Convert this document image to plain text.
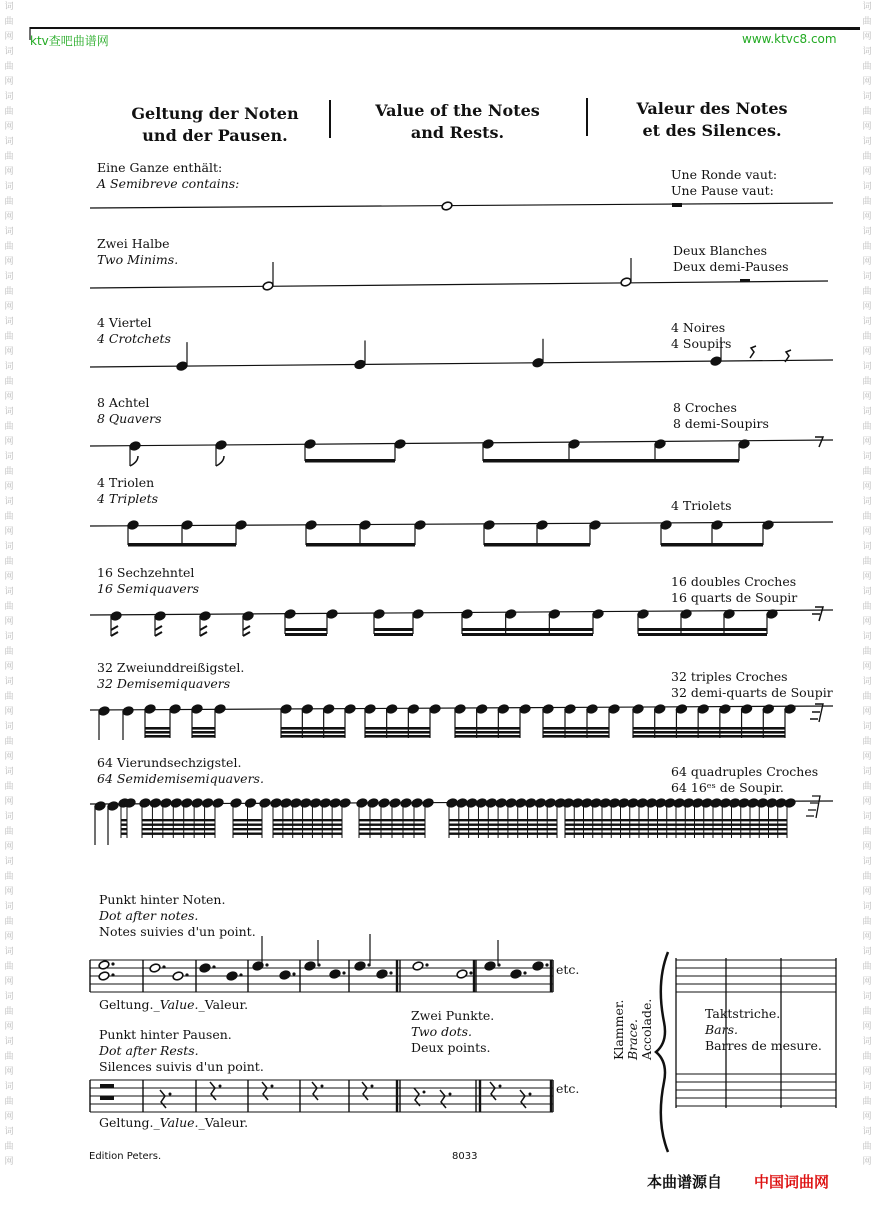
ktv查吧曲谱网	www.ktvc8.com
词
曲
网
词
曲
网
词
曲
网
词
曲
网
词
曲
网
词
曲
网
词
曲
网
词
曲
网
词
曲
网
词
曲
网
词
曲
网
词
曲
网
词
曲
网
词
曲
网
词
曲
网
词
曲
网
词
曲
网
词
曲
网
词
曲
网
词
曲
网
词
曲
网
词
曲
网
词
曲
网
词
曲
网
词
曲
网
词
曲
网
词
曲
网
词
曲
网
词
曲
网
词
曲
网
词
曲
网
词
曲
网
词
曲
网
词
曲
网
词
曲
网
词
曲
网
词
曲
网
词
曲
网
词
曲
网
词
曲
网
词
曲
网
词
曲
网
词
曲
网
词
曲
网
词
曲
网
词
曲
网
词
曲
网
词
曲
网
词
曲
网
词
曲
网
词
曲
网
词
曲
网
Geltung der Noten
und der Pausen.
Value of the Notes
and Rests.
Valeur des Notes
et des Silences.
Eine Ganze enthält:
A Semibreve contains:
Une Ronde vaut:
Une Pause vaut:
Zwei Halbe
Two Minims.
Deux Blanches
Deux demi-Pauses
4 Viertel
4 Crotchets
4 Noires
4 Soupirs
8 Achtel
8 Quavers
8 Croches
8 demi-Soupirs
4 Triolen
4 Triplets	4 Triolets
16 Sechzehntel
16 Semiquavers	16 doubles Croches
16 quarts de Soupir
32 Zweiunddreißigstel.
32 Demisemiquavers	32 triples Croches
32 demi-quarts de Soupir
64 Vierundsechzigstel.
64 Semidemisemiquavers.	64 quadruples Croches
64 16ᵉˢ de Soupir.
Punkt hinter Noten.
Dot after notes.
Notes suivies d'un point.
Geltung._Value._Valeur.
Punkt hinter Pausen.
Dot after Rests.
Silences suivis d'un point.
Geltung._Value._Valeur.
Zwei Punkte.
Two dots.
Deux points.
etc.
etc.
Klammer. Brace. Accolade.	Taktstriche.
Bars.
Barres de mesure.
Edition Peters.	8033
本曲谱源自 中国词曲网
